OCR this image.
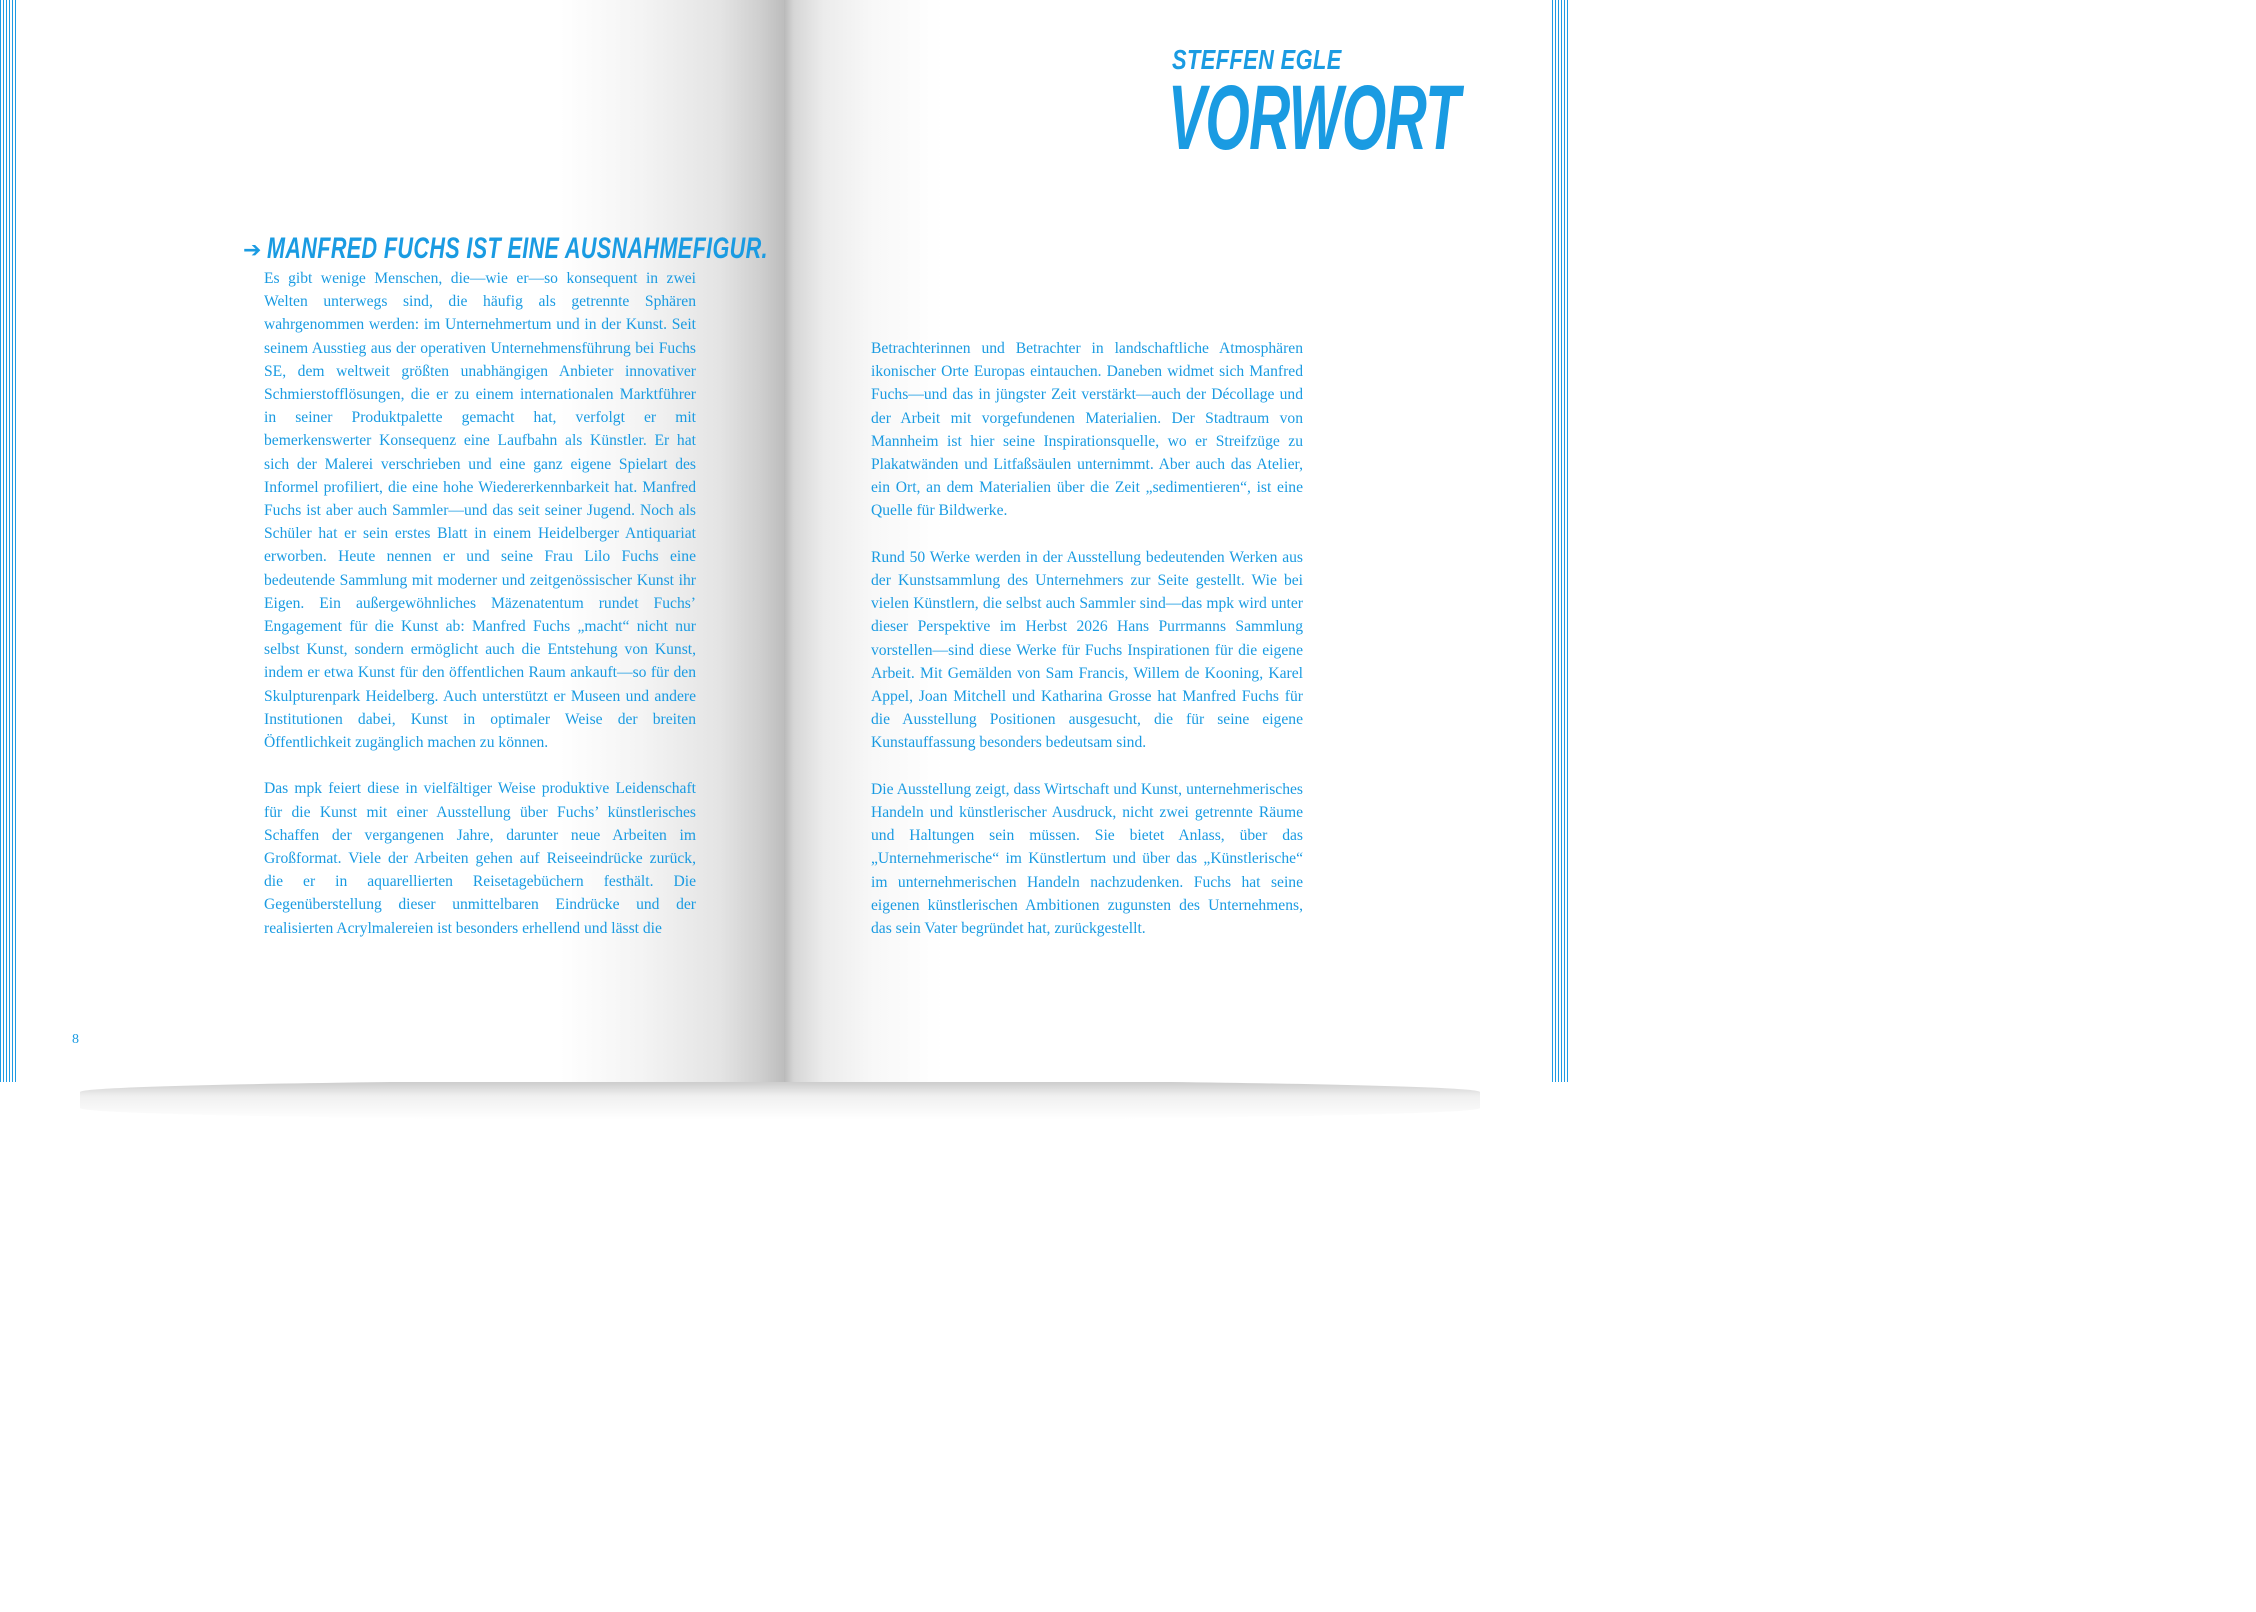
➔ MANFRED FUCHS IST EINE AUSNAHMEFIGUR.

Es gibt wenige Menschen, die—wie er—so konsequent in zwei Welten unterwegs sind, die häufig als getrennte Sphären wahrgenommen werden: im Unternehmertum und in der Kunst. Seit seinem Ausstieg aus der operativen Unternehmensführung bei Fuchs SE, dem weltweit größten unabhängigen Anbieter innovativer Schmierstofflösungen, die er zu einem internationalen Marktführer in seiner Produktpalette gemacht hat, verfolgt er mit bemerkenswerter Konsequenz eine Laufbahn als Künstler. Er hat sich der Malerei verschrieben und eine ganz eigene Spielart des Informel profiliert, die eine hohe Wiedererkennbarkeit hat. Manfred Fuchs ist aber auch Sammler—und das seit seiner Jugend. Noch als Schüler hat er sein erstes Blatt in einem Heidelberger Antiquariat erworben. Heute nennen er und seine Frau Lilo Fuchs eine bedeutende Sammlung mit moderner und zeitgenössischer Kunst ihr Eigen. Ein außergewöhnliches Mäzenatentum rundet Fuchs’ Engagement für die Kunst ab: Manfred Fuchs „macht“ nicht nur selbst Kunst, sondern ermöglicht auch die Entstehung von Kunst, indem er etwa Kunst für den öffentlichen Raum ankauft—so für den Skulpturenpark Heidelberg. Auch unterstützt er Museen und andere Institutionen dabei, Kunst in optimaler Weise der breiten Öffentlichkeit zugänglich machen zu können.

Das mpk feiert diese in vielfältiger Weise produktive Leidenschaft für die Kunst mit einer Ausstellung über Fuchs’ künstlerisches Schaffen der vergangenen Jahre, darunter neue Arbeiten im Großformat. Viele der Arbeiten gehen auf Reiseeindrücke zurück, die er in aquarellierten Reisetagebüchern festhält. Die Gegenüberstellung dieser unmittelbaren Eindrücke und der realisierten Acrylmalereien ist besonders erhellend und lässt die

8
STEFFEN EGLE
VORWORT

Betrachterinnen und Betrachter in landschaftliche Atmosphären ikonischer Orte Europas eintauchen. Daneben widmet sich Manfred Fuchs—und das in jüngster Zeit verstärkt—auch der Décollage und der Arbeit mit vorgefundenen Materialien. Der Stadtraum von Mannheim ist hier seine Inspirationsquelle, wo er Streifzüge zu Plakatwänden und Litfaßsäulen unternimmt. Aber auch das Atelier, ein Ort, an dem Materialien über die Zeit „sedimentieren“, ist eine Quelle für Bildwerke.

Rund 50 Werke werden in der Ausstellung bedeutenden Werken aus der Kunstsammlung des Unternehmers zur Seite gestellt. Wie bei vielen Künstlern, die selbst auch Sammler sind—das mpk wird unter dieser Perspektive im Herbst 2026 Hans Purrmanns Sammlung vorstellen—sind diese Werke für Fuchs Inspirationen für die eigene Arbeit. Mit Gemälden von Sam Francis, Willem de Kooning, Karel Appel, Joan Mitchell und Katharina Grosse hat Manfred Fuchs für die Ausstellung Positionen ausgesucht, die für seine eigene Kunstauffassung besonders bedeutsam sind.

Die Ausstellung zeigt, dass Wirtschaft und Kunst, unternehmerisches Handeln und künstlerischer Ausdruck, nicht zwei getrennte Räume und Haltungen sein müssen. Sie bietet Anlass, über das „Unternehmerische“ im Künstlertum und über das „Künstlerische“ im unternehmerischen Handeln nachzudenken. Fuchs hat seine eigenen künstlerischen Ambitionen zugunsten des Unternehmens, das sein Vater begründet hat, zurückgestellt.
